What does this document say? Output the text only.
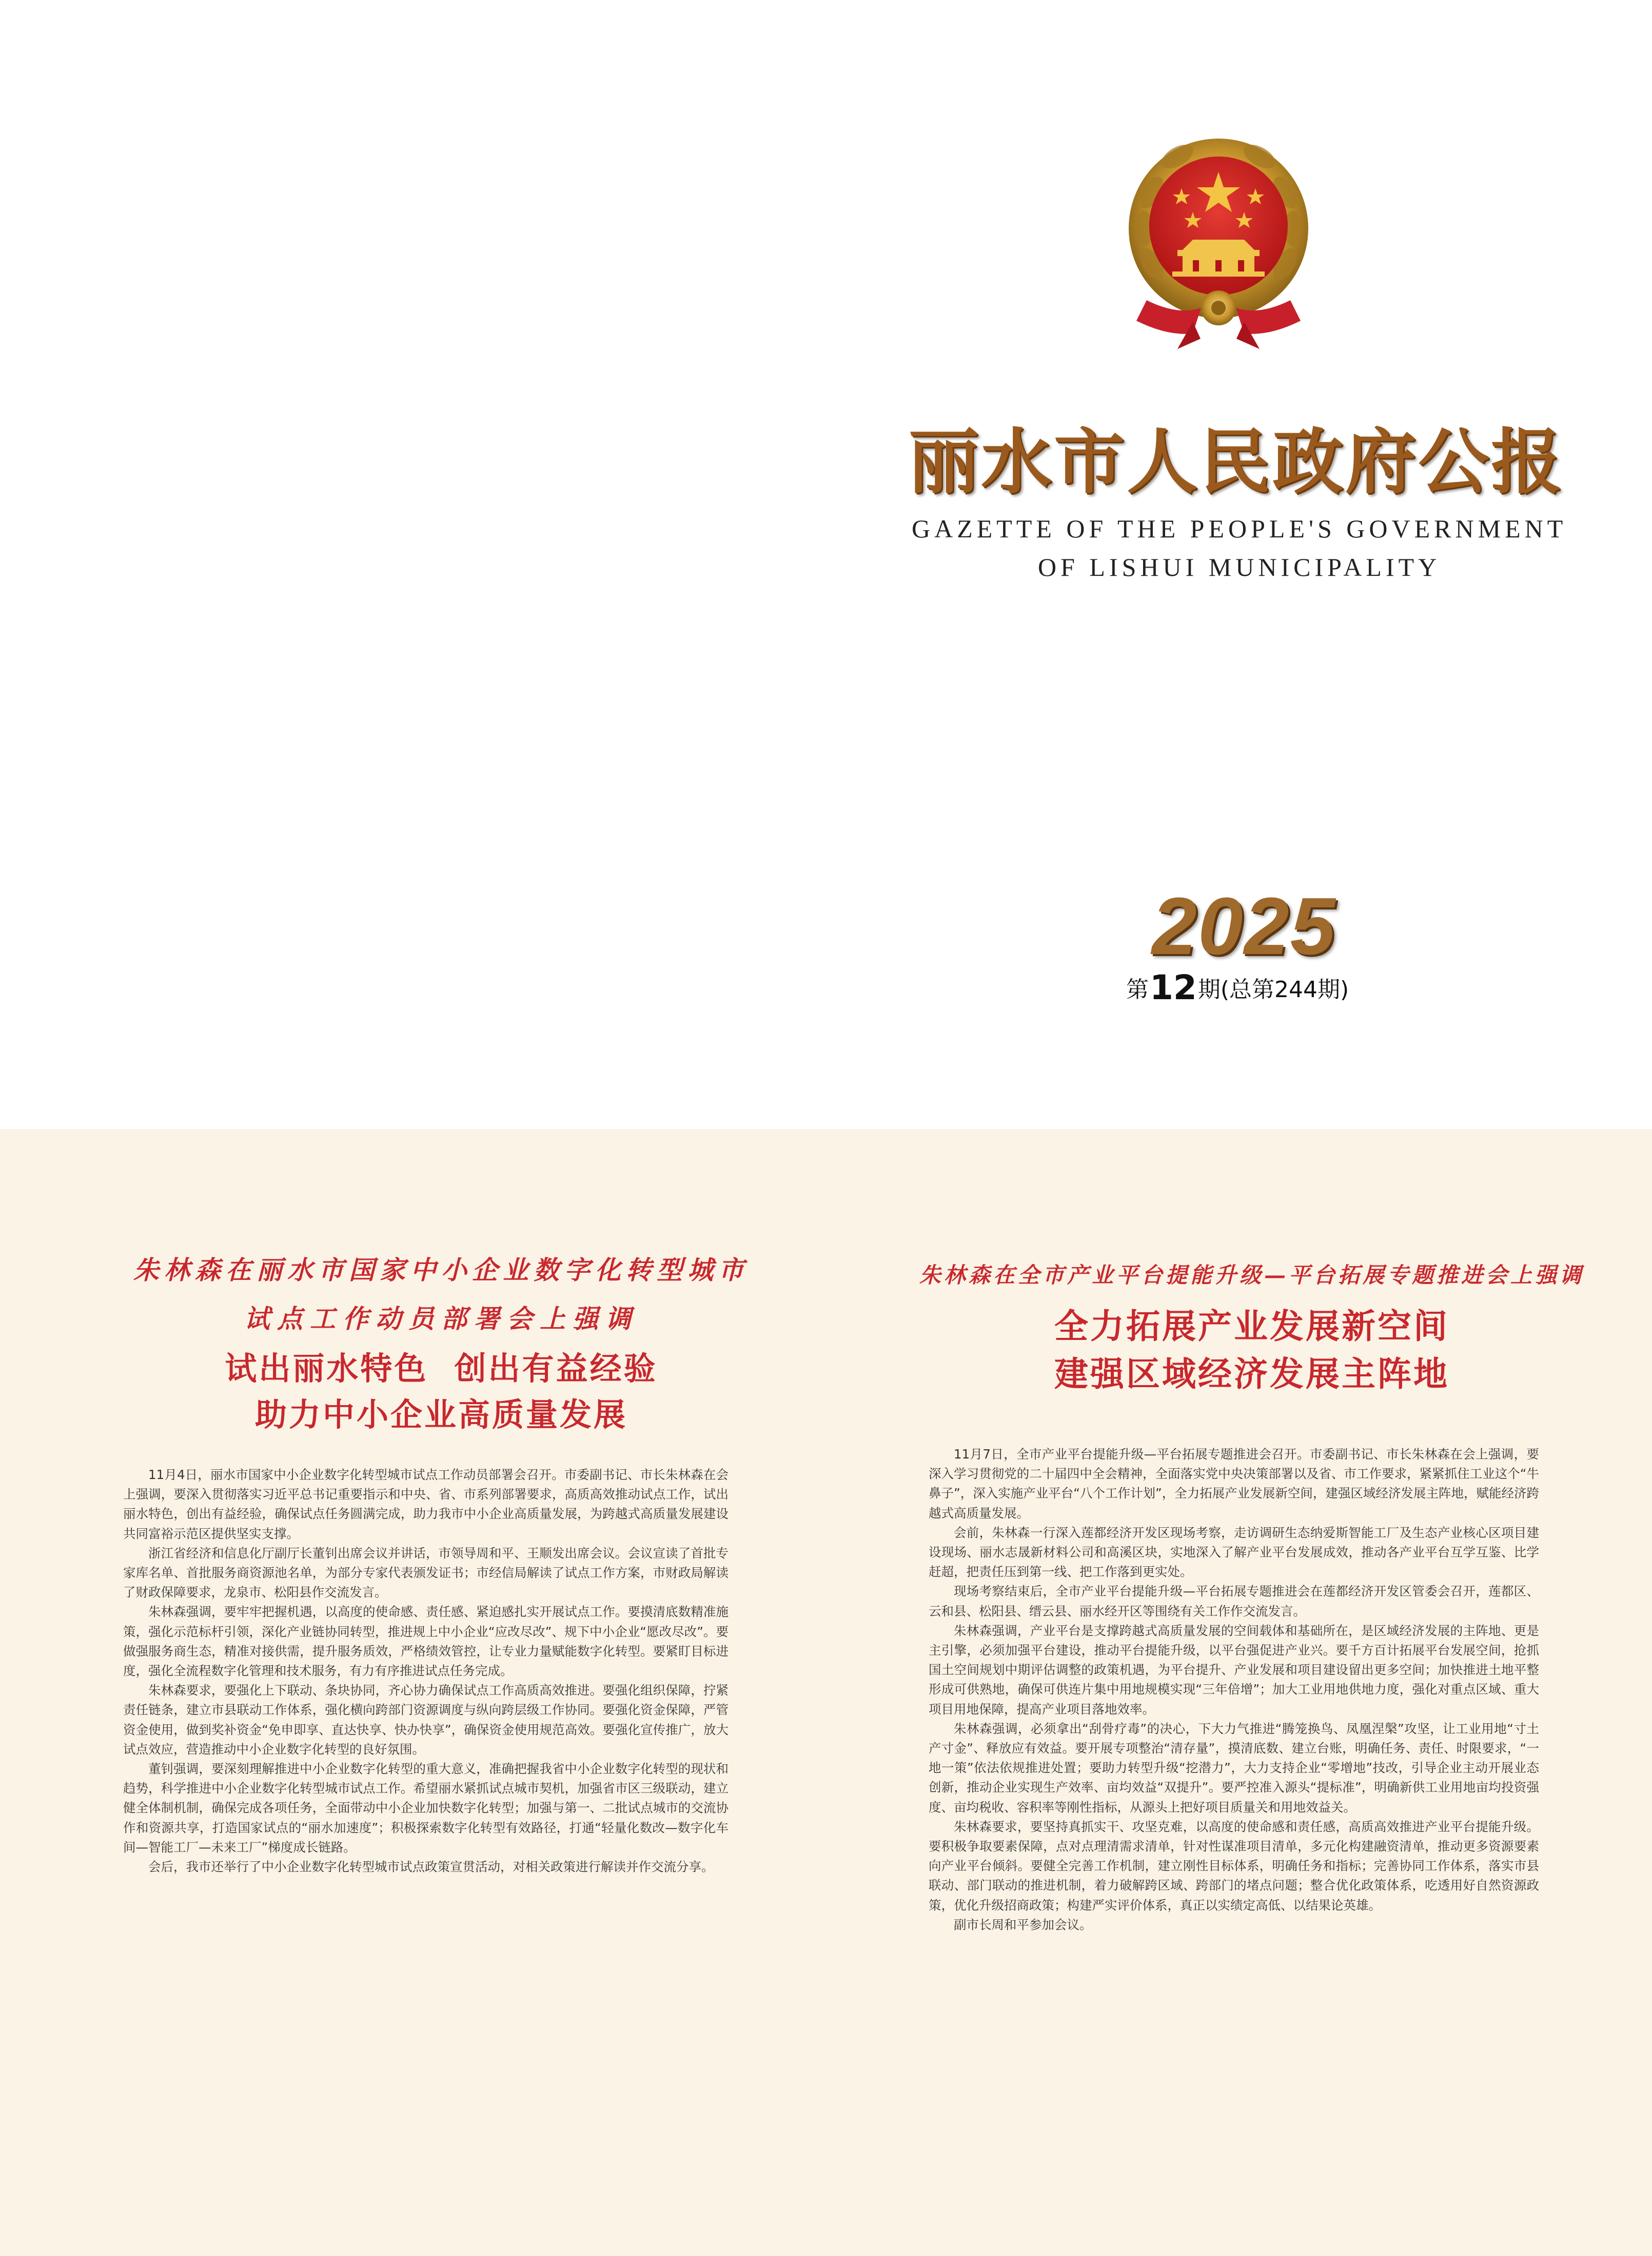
丽水市人民政府公报
GAZETTE OF THE PEOPLE'S GOVERNMENT
OF LISHUI MUNICIPALITY
2025
第12期(总第244期)
朱林森在丽水市国家中小企业数字化转型城市
试点工作动员部署会上强调
试出丽水特色  创出有益经验
助力中小企业高质量发展

11月4日，丽水市国家中小企业数字化转型城市试点工作动员部署会召开。市委副书记、市长朱林森在会上强调，要深入贯彻落实习近平总书记重要指示和中央、省、市系列部署要求，高质高效推动试点工作，试出丽水特色，创出有益经验，确保试点任务圆满完成，助力我市中小企业高质量发展，为跨越式高质量发展建设共同富裕示范区提供坚实支撑。

浙江省经济和信息化厅副厅长董钊出席会议并讲话，市领导周和平、王顺发出席会议。会议宣读了首批专家库名单、首批服务商资源池名单，为部分专家代表颁发证书；市经信局解读了试点工作方案，市财政局解读了财政保障要求，龙泉市、松阳县作交流发言。

朱林森强调，要牢牢把握机遇，以高度的使命感、责任感、紧迫感扎实开展试点工作。要摸清底数精准施策，强化示范标杆引领，深化产业链协同转型，推进规上中小企业“应改尽改”、规下中小企业“愿改尽改”。要做强服务商生态，精准对接供需，提升服务质效，严格绩效管控，让专业力量赋能数字化转型。要紧盯目标进度，强化全流程数字化管理和技术服务，有力有序推进试点任务完成。

朱林森要求，要强化上下联动、条块协同，齐心协力确保试点工作高质高效推进。要强化组织保障，拧紧责任链条，建立市县联动工作体系，强化横向跨部门资源调度与纵向跨层级工作协同。要强化资金保障，严管资金使用，做到奖补资金“免申即享、直达快享、快办快享”，确保资金使用规范高效。要强化宣传推广，放大试点效应，营造推动中小企业数字化转型的良好氛围。

董钊强调，要深刻理解推进中小企业数字化转型的重大意义，准确把握我省中小企业数字化转型的现状和趋势，科学推进中小企业数字化转型城市试点工作。希望丽水紧抓试点城市契机，加强省市区三级联动，建立健全体制机制，确保完成各项任务，全面带动中小企业加快数字化转型；加强与第一、二批试点城市的交流协作和资源共享，打造国家试点的“丽水加速度”；积极探索数字化转型有效路径，打通“轻量化数改—数字化车间—智能工厂—未来工厂”梯度成长链路。

会后，我市还举行了中小企业数字化转型城市试点政策宣贯活动，对相关政策进行解读并作交流分享。

朱林森在全市产业平台提能升级—平台拓展专题推进会上强调
全力拓展产业发展新空间
建强区域经济发展主阵地

11月7日，全市产业平台提能升级—平台拓展专题推进会召开。市委副书记、市长朱林森在会上强调，要深入学习贯彻党的二十届四中全会精神，全面落实党中央决策部署以及省、市工作要求，紧紧抓住工业这个“牛鼻子”，深入实施产业平台“八个工作计划”，全力拓展产业发展新空间，建强区域经济发展主阵地，赋能经济跨越式高质量发展。

会前，朱林森一行深入莲都经济开发区现场考察，走访调研生态纳爱斯智能工厂及生态产业核心区项目建设现场、丽水志晟新材料公司和高溪区块，实地深入了解产业平台发展成效，推动各产业平台互学互鉴、比学赶超，把责任压到第一线、把工作落到更实处。

现场考察结束后，全市产业平台提能升级—平台拓展专题推进会在莲都经济开发区管委会召开，莲都区、云和县、松阳县、缙云县、丽水经开区等围绕有关工作作交流发言。

朱林森强调，产业平台是支撑跨越式高质量发展的空间载体和基础所在，是区域经济发展的主阵地、更是主引擎，必须加强平台建设，推动平台提能升级，以平台强促进产业兴。要千方百计拓展平台发展空间，抢抓国土空间规划中期评估调整的政策机遇，为平台提升、产业发展和项目建设留出更多空间；加快推进土地平整形成可供熟地，确保可供连片集中用地规模实现“三年倍增”；加大工业用地供地力度，强化对重点区域、重大项目用地保障，提高产业项目落地效率。

朱林森强调，必须拿出“刮骨疗毒”的决心，下大力气推进“腾笼换鸟、凤凰涅槃”攻坚，让工业用地“寸土产寸金”、释放应有效益。要开展专项整治“清存量”，摸清底数、建立台账，明确任务、责任、时限要求，“一地一策”依法依规推进处置；要助力转型升级“挖潜力”，大力支持企业“零增地”技改，引导企业主动开展业态创新，推动企业实现生产效率、亩均效益“双提升”。要严控准入源头“提标准”，明确新供工业用地亩均投资强度、亩均税收、容积率等刚性指标，从源头上把好项目质量关和用地效益关。

朱林森要求，要坚持真抓实干、攻坚克难，以高度的使命感和责任感，高质高效推进产业平台提能升级。要积极争取要素保障，点对点理清需求清单，针对性谋准项目清单，多元化构建融资清单，推动更多资源要素向产业平台倾斜。要健全完善工作机制，建立刚性目标体系，明确任务和指标；完善协同工作体系，落实市县联动、部门联动的推进机制，着力破解跨区域、跨部门的堵点问题；整合优化政策体系，吃透用好自然资源政策，优化升级招商政策；构建严实评价体系，真正以实绩定高低、以结果论英雄。

副市长周和平参加会议。
